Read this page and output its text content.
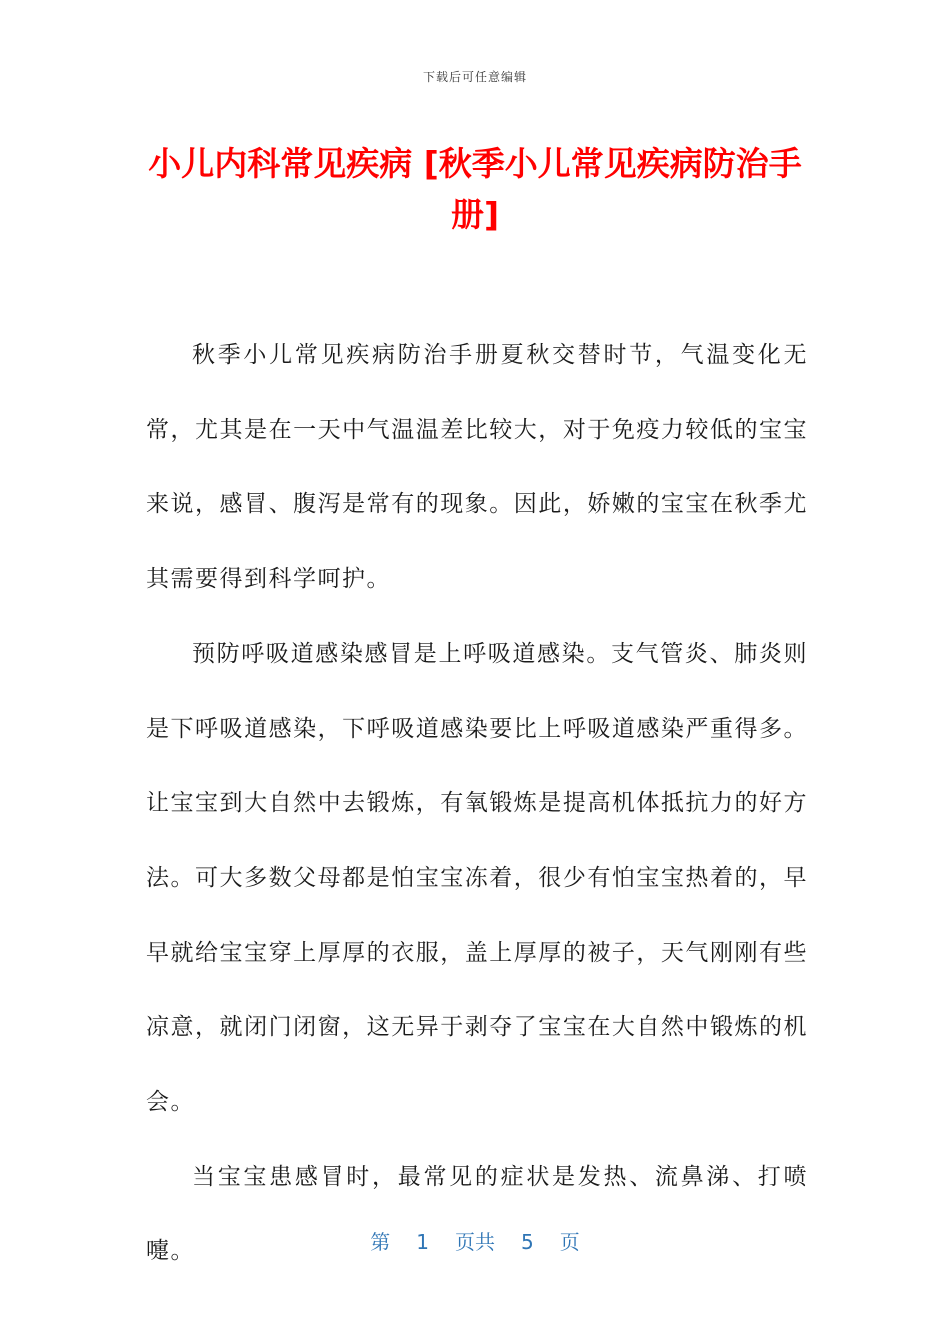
下载后可任意编辑
小儿内科常见疾病 [秋季小儿常见疾病防治手册]

秋季小儿常见疾病防治手册夏秋交替时节，气温变化无常，尤其是在一天中气温温差比较大，对于免疫力较低的宝宝来说，感冒、腹泻是常有的现象。因此，娇嫩的宝宝在秋季尤其需要得到科学呵护。

预防呼吸道感染感冒是上呼吸道感染。支气管炎、肺炎则是下呼吸道感染，下呼吸道感染要比上呼吸道感染严重得多。让宝宝到大自然中去锻炼，有氧锻炼是提高机体抵抗力的好方法。可大多数父母都是怕宝宝冻着，很少有怕宝宝热着的，早早就给宝宝穿上厚厚的衣服，盖上厚厚的被子，天气刚刚有些凉意，就闭门闭窗，这无异于剥夺了宝宝在大自然中锻炼的机会。

当宝宝患感冒时，最常见的症状是发热、流鼻涕、打喷嚏。	第 1 页共 5 页
